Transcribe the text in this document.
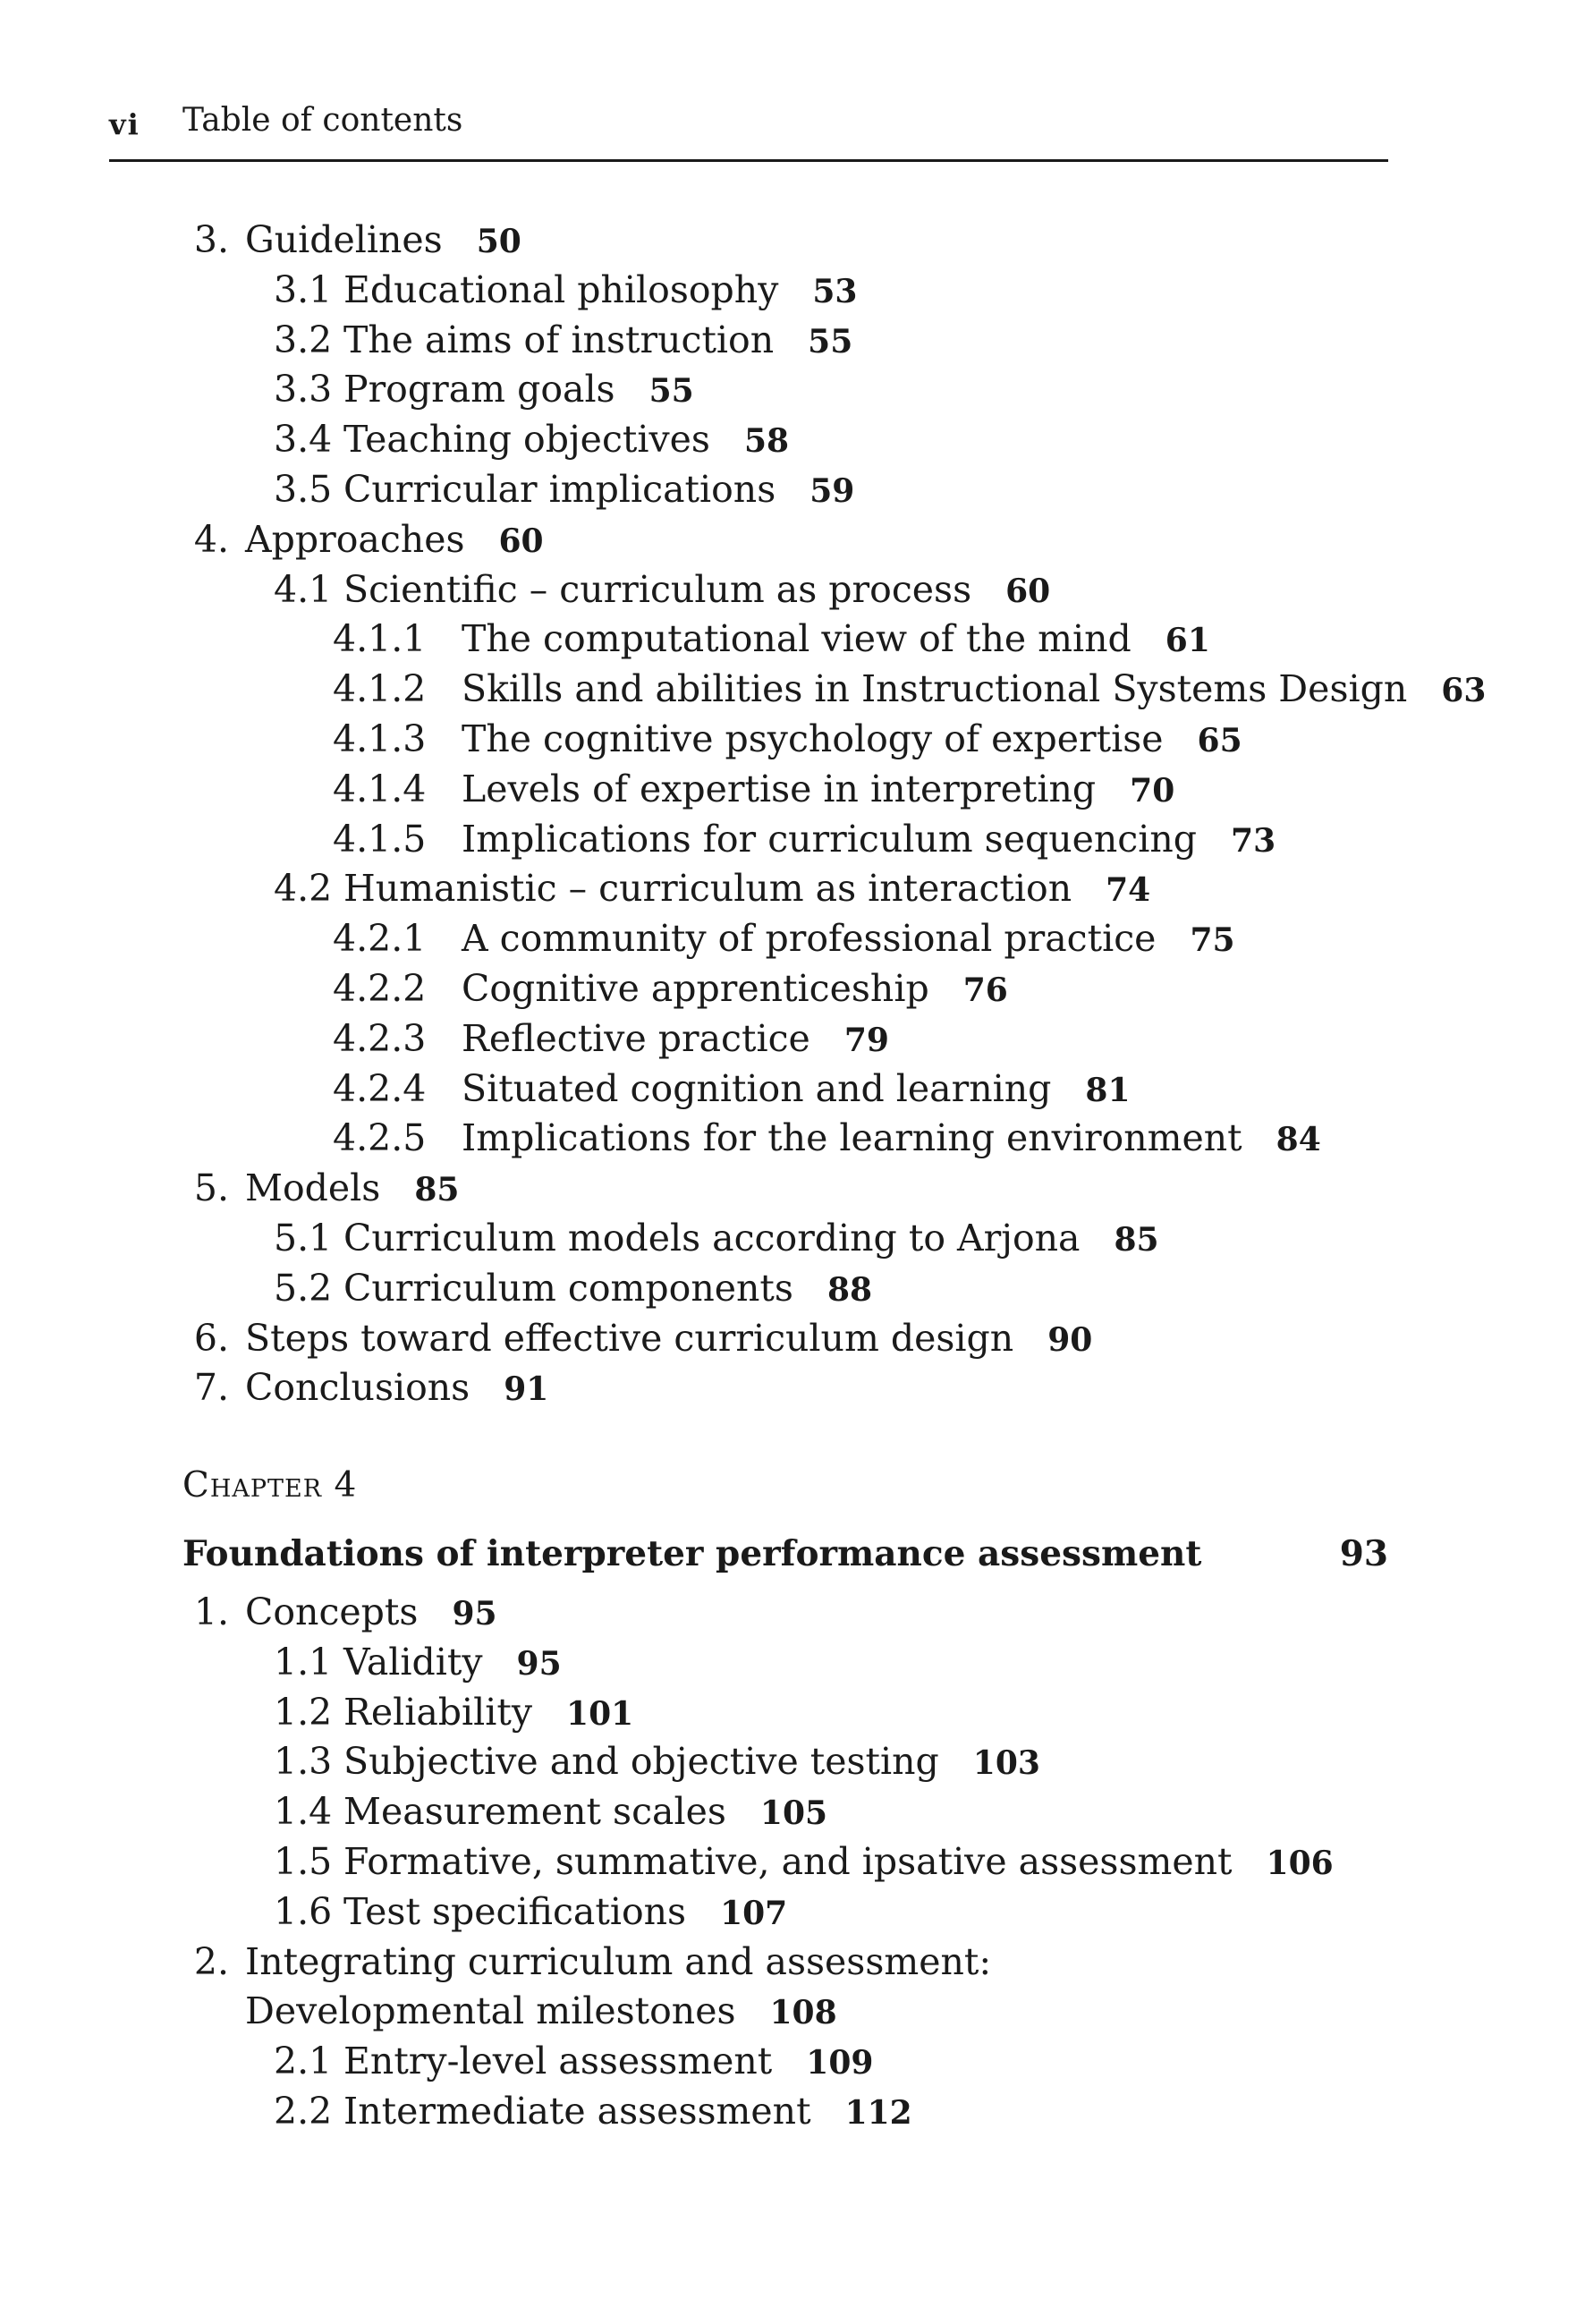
vi Table of contents
3. Guidelines 50
3.1 Educational philosophy 53
3.2 The aims of instruction 55
3.3 Program goals 55
3.4 Teaching objectives 58
3.5 Curricular implications 59
4. Approaches 60
4.1 Scientific – curriculum as process 60
4.1.1 The computational view of the mind 61
4.1.2 Skills and abilities in Instructional Systems Design 63
4.1.3 The cognitive psychology of expertise 65
4.1.4 Levels of expertise in interpreting 70
4.1.5 Implications for curriculum sequencing 73
4.2 Humanistic – curriculum as interaction 74
4.2.1 A community of professional practice 75
4.2.2 Cognitive apprenticeship 76
4.2.3 Reflective practice 79
4.2.4 Situated cognition and learning 81
4.2.5 Implications for the learning environment 84
5. Models 85
5.1 Curriculum models according to Arjona 85
5.2 Curriculum components 88
6. Steps toward effective curriculum design 90
7. Conclusions 91
1. Concepts 95
1.1 Validity 95
1.2 Reliability 101
1.3 Subjective and objective testing 103
1.4 Measurement scales 105
1.5 Formative, summative, and ipsative assessment 106
1.6 Test specifications 107
2. Integrating curriculum and assessment:
Developmental milestones 108
2.1 Entry-level assessment 109
2.2 Intermediate assessment 112
Chapter 4
Foundations of interpreter performance assessment	93
